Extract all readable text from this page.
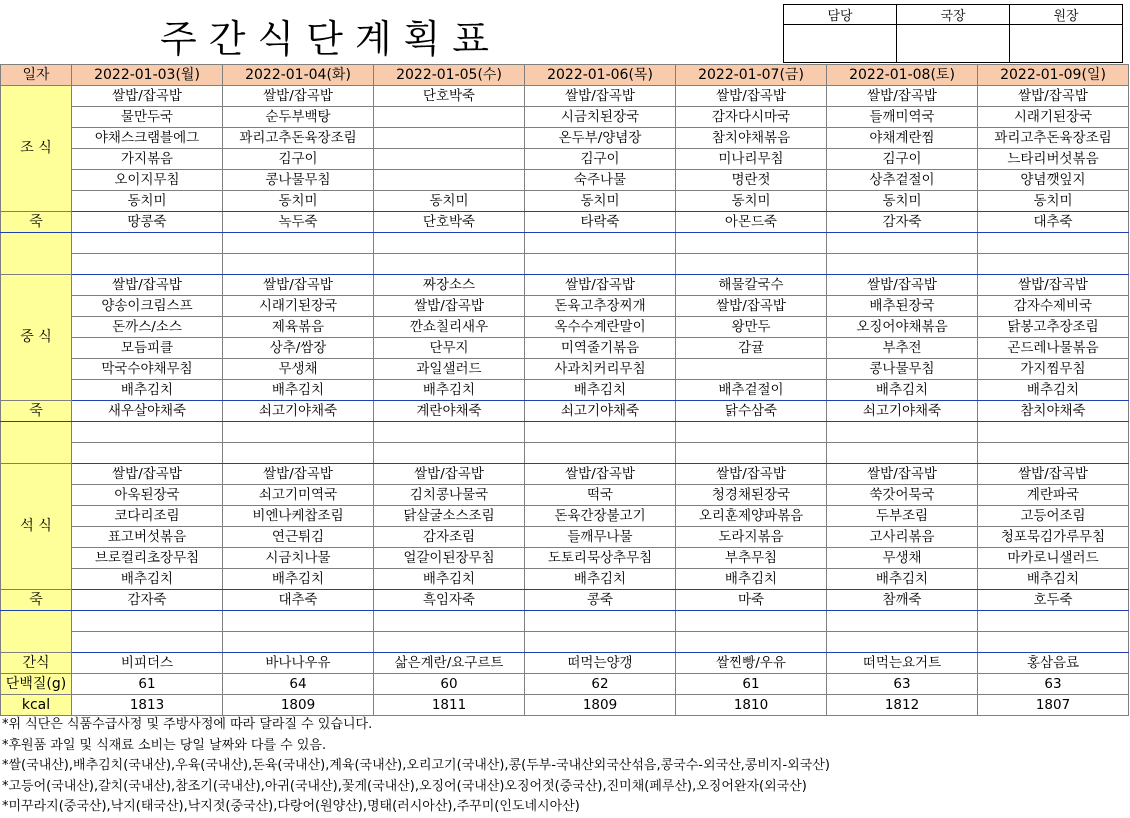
주간식단계획표
담당	국장	원장

일자	2022-01-03(월)	2022-01-04(화)	2022-01-05(수)	2022-01-06(목)	2022-01-07(금)	2022-01-08(토)	2022-01-09(일)
조 식	쌀밥/잡곡밥	쌀밥/잡곡밥	단호박죽	쌀밥/잡곡밥	쌀밥/잡곡밥	쌀밥/잡곡밥	쌀밥/잡곡밥
	물만두국	순두부백탕		시금치된장국	감자다시마국	들깨미역국	시래기된장국
	야채스크램블에그	꽈리고추돈육장조림		온두부/양념장	참치야채볶음	야채계란찜	꽈리고추돈육장조림
	가지볶음	김구이		김구이	미나리무침	김구이	느타리버섯볶음
	오이지무침	콩나물무침		숙주나물	명란젓	상추겉절이	양념깻잎지
	동치미	동치미	동치미	동치미	동치미	동치미	동치미
죽	땅콩죽	녹두죽	단호박죽	타락죽	아몬드죽	감자죽	대추죽

중 식	쌀밥/잡곡밥	쌀밥/잡곡밥	짜장소스	쌀밥/잡곡밥	해물칼국수	쌀밥/잡곡밥	쌀밥/잡곡밥
	양송이크림스프	시래기된장국	쌀밥/잡곡밥	돈육고추장찌개	쌀밥/잡곡밥	배추된장국	감자수제비국
	돈까스/소스	제육볶음	깐쇼칠리새우	옥수수계란말이	왕만두	오징어야채볶음	닭봉고추장조림
	모듬피클	상추/쌈장	단무지	미역줄기볶음	감귤	부추전	곤드레나물볶음
	막국수야채무침	무생채	과일샐러드	사과치커리무침		콩나물무침	가지찜무침
	배추김치	배추김치	배추김치	배추김치	배추겉절이	배추김치	배추김치
죽	새우살야채죽	쇠고기야채죽	계란야채죽	쇠고기야채죽	닭수삼죽	쇠고기야채죽	참치야채죽

석 식	쌀밥/잡곡밥	쌀밥/잡곡밥	쌀밥/잡곡밥	쌀밥/잡곡밥	쌀밥/잡곡밥	쌀밥/잡곡밥	쌀밥/잡곡밥
	아욱된장국	쇠고기미역국	김치콩나물국	떡국	청경채된장국	쑥갓어묵국	계란파국
	코다리조림	비엔나케찹조림	닭살굴소스조림	돈육간장불고기	오리훈제양파볶음	두부조림	고등어조림
	표고버섯볶음	연근튀김	감자조림	들깨무나물	도라지볶음	고사리볶음	청포묵김가루무침
	브로컬리초장무침	시금치나물	얼갈이된장무침	도토리묵상추무침	부추무침	무생채	마카로니샐러드
	배추김치	배추김치	배추김치	배추김치	배추김치	배추김치	배추김치
죽	감자죽	대추죽	흑임자죽	콩죽	마죽	참깨죽	호두죽

간식	비피더스	바나나우유	삶은계란/요구르트	떠먹는양갱	쌀찐빵/우유	떠먹는요거트	홍삼음료
단백질(g)	61	64	60	62	61	63	63
kcal	1813	1809	1811	1809	1810	1812	1807
*위 식단은 식품수급사정 및 주방사정에 따라 달라질 수 있습니다.
*후원품 과일 및 식재료 소비는 당일 날짜와 다를 수 있음.
*쌀(국내산),배추김치(국내산),우육(국내산),돈육(국내산),계육(국내산),오리고기(국내산),콩(두부-국내산외국산섞음,콩국수-외국산,콩비지-외국산)
*고등어(국내산),갈치(국내산),참조기(국내산),아귀(국내산),꽃게(국내산),오징어(국내산)오징어젓(중국산),진미채(페루산),오징어완자(외국산)
*미꾸라지(중국산),낙지(태국산),낙지젓(중국산),다랑어(원양산),명태(러시아산),주꾸미(인도네시아산)
